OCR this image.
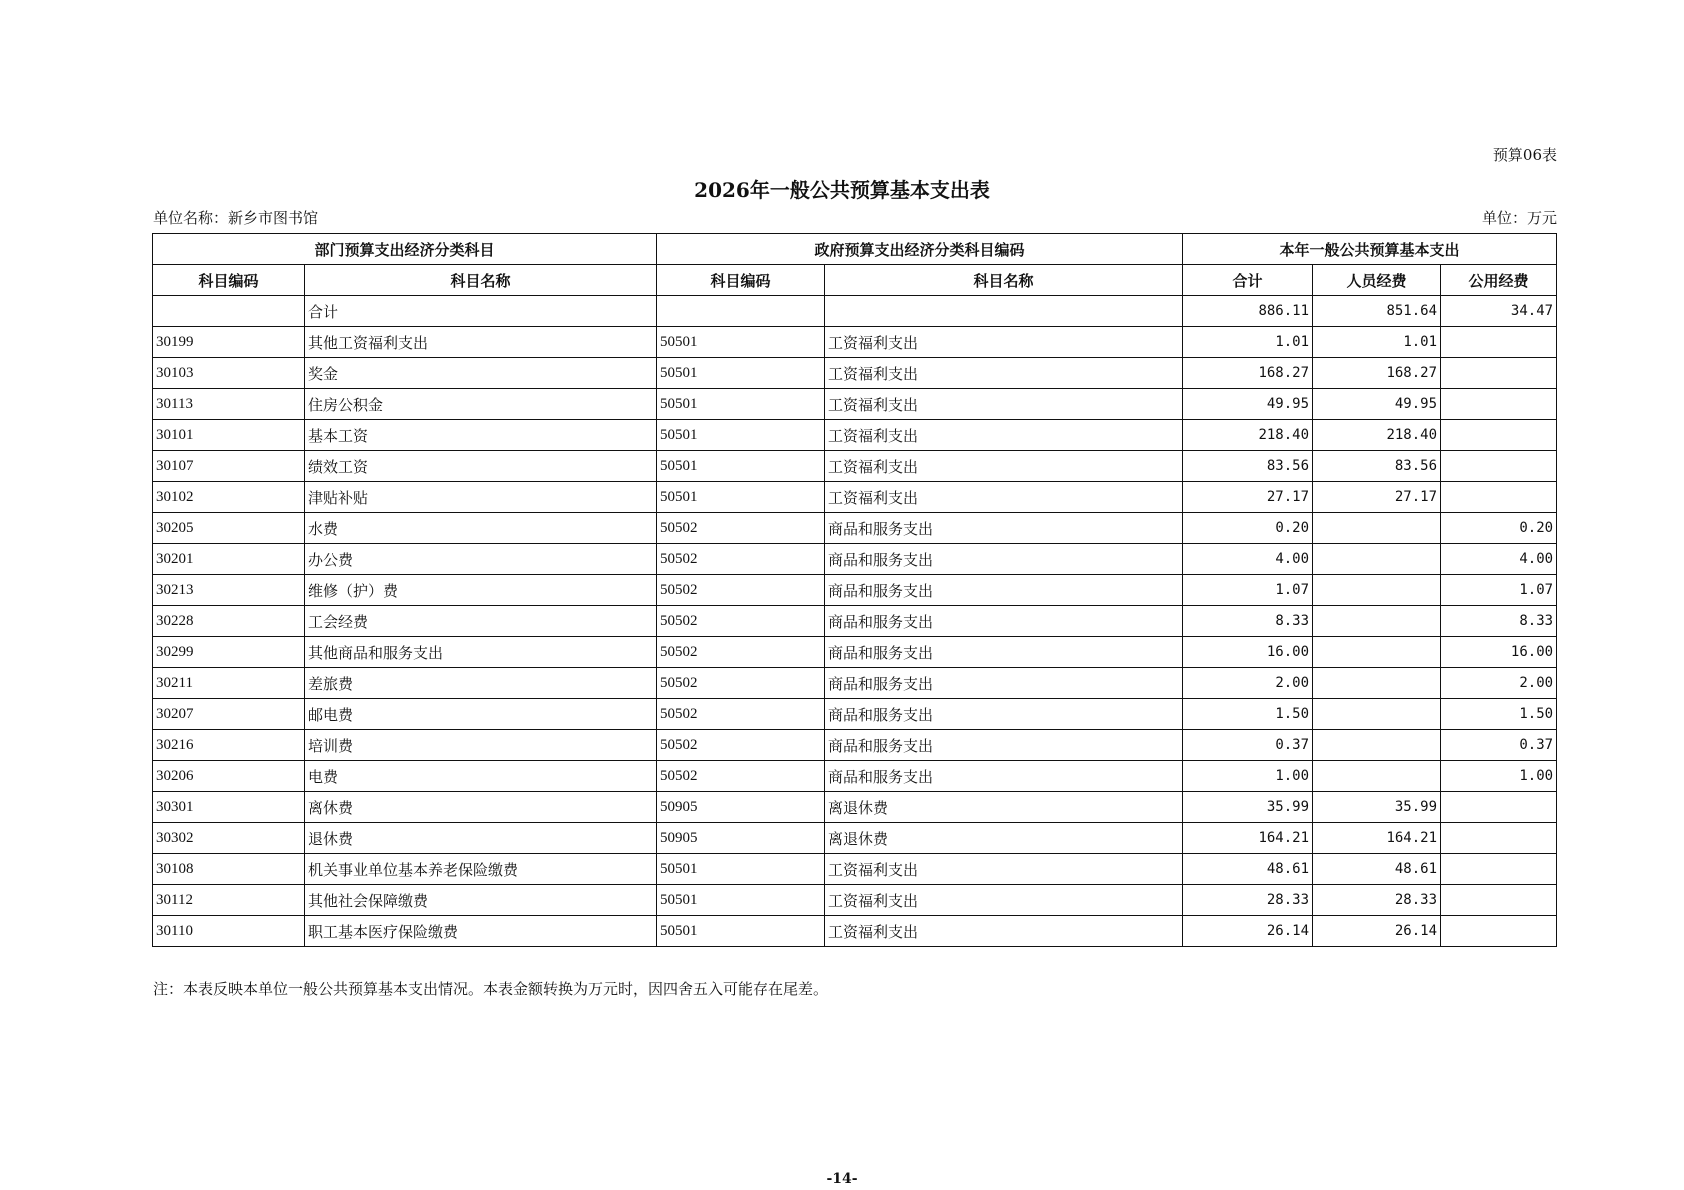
预算06表
2026年一般公共预算基本支出表
单位名称：新乡市图书馆	单位：万元
部门预算支出经济分类科目		政府预算支出经济分类科目编码		本年一般公共预算基本支出		
科目编码	科目名称	科目编码	科目名称	合计	人员经费	公用经费
	合计			886.11	851.64	34.47
30199	其他工资福利支出	50501	工资福利支出	1.01	1.01	
30103	奖金	50501	工资福利支出	168.27	168.27	
30113	住房公积金	50501	工资福利支出	49.95	49.95	
30101	基本工资	50501	工资福利支出	218.40	218.40	
30107	绩效工资	50501	工资福利支出	83.56	83.56	
30102	津贴补贴	50501	工资福利支出	27.17	27.17	
30205	水费	50502	商品和服务支出	0.20		0.20
30201	办公费	50502	商品和服务支出	4.00		4.00
30213	维修（护）费	50502	商品和服务支出	1.07		1.07
30228	工会经费	50502	商品和服务支出	8.33		8.33
30299	其他商品和服务支出	50502	商品和服务支出	16.00		16.00
30211	差旅费	50502	商品和服务支出	2.00		2.00
30207	邮电费	50502	商品和服务支出	1.50		1.50
30216	培训费	50502	商品和服务支出	0.37		0.37
30206	电费	50502	商品和服务支出	1.00		1.00
30301	离休费	50905	离退休费	35.99	35.99	
30302	退休费	50905	离退休费	164.21	164.21	
30108	机关事业单位基本养老保险缴费	50501	工资福利支出	48.61	48.61	
30112	其他社会保障缴费	50501	工资福利支出	28.33	28.33	
30110	职工基本医疗保险缴费	50501	工资福利支出	26.14	26.14	
注：本表反映本单位一般公共预算基本支出情况。本表金额转换为万元时，因四舍五入可能存在尾差。
-14-
